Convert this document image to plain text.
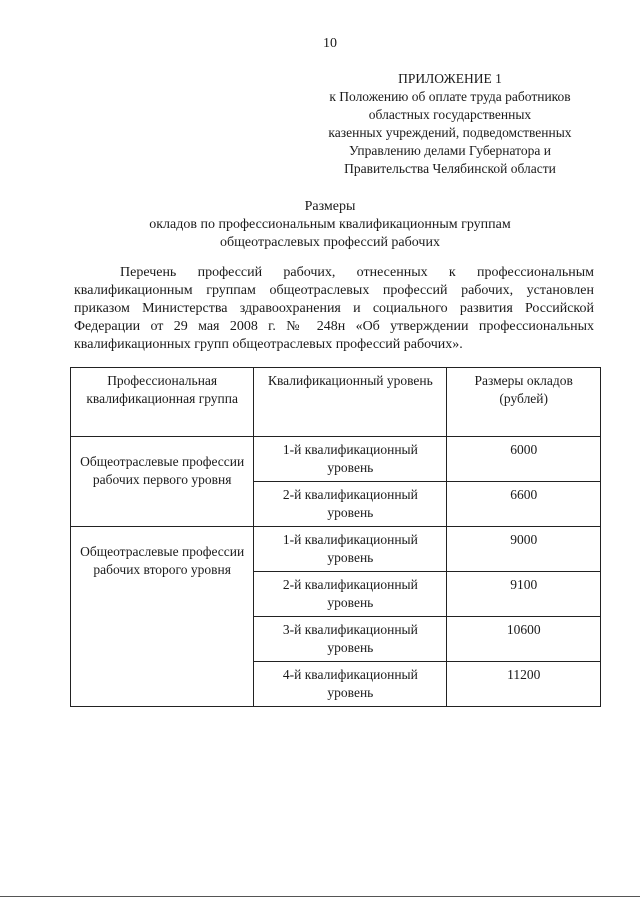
10
ПРИЛОЖЕНИЕ 1
к Положению об оплате труда работников
областных государственных
казенных учреждений, подведомственных
Управлению делами Губернатора и
Правительства Челябинской области
Размеры
окладов по профессиональным квалификационным группам
общеотраслевых профессий рабочих
Перечень профессий рабочих, отнесенных к профессиональным
квалификационным группам общеотраслевых профессий рабочих, установлен приказом Министерства здравоохранения и социального развития Российской Федерации от 29 мая 2008 г. № 248н «Об утверждении профессиональных квалификационных групп общеотраслевых профессий рабочих».
Профессиональная квалификационная группа	Квалификационный уровень	Размеры окладов (рублей)
Общеотраслевые профессии рабочих первого уровня	1-й квалификационный уровень	6000
	2-й квалификационный уровень	6600
Общеотраслевые профессии рабочих второго уровня	1-й квалификационный уровень	9000
	2-й квалификационный уровень	9100
	3-й квалификационный уровень	10600
	4-й квалификационный уровень	11200
